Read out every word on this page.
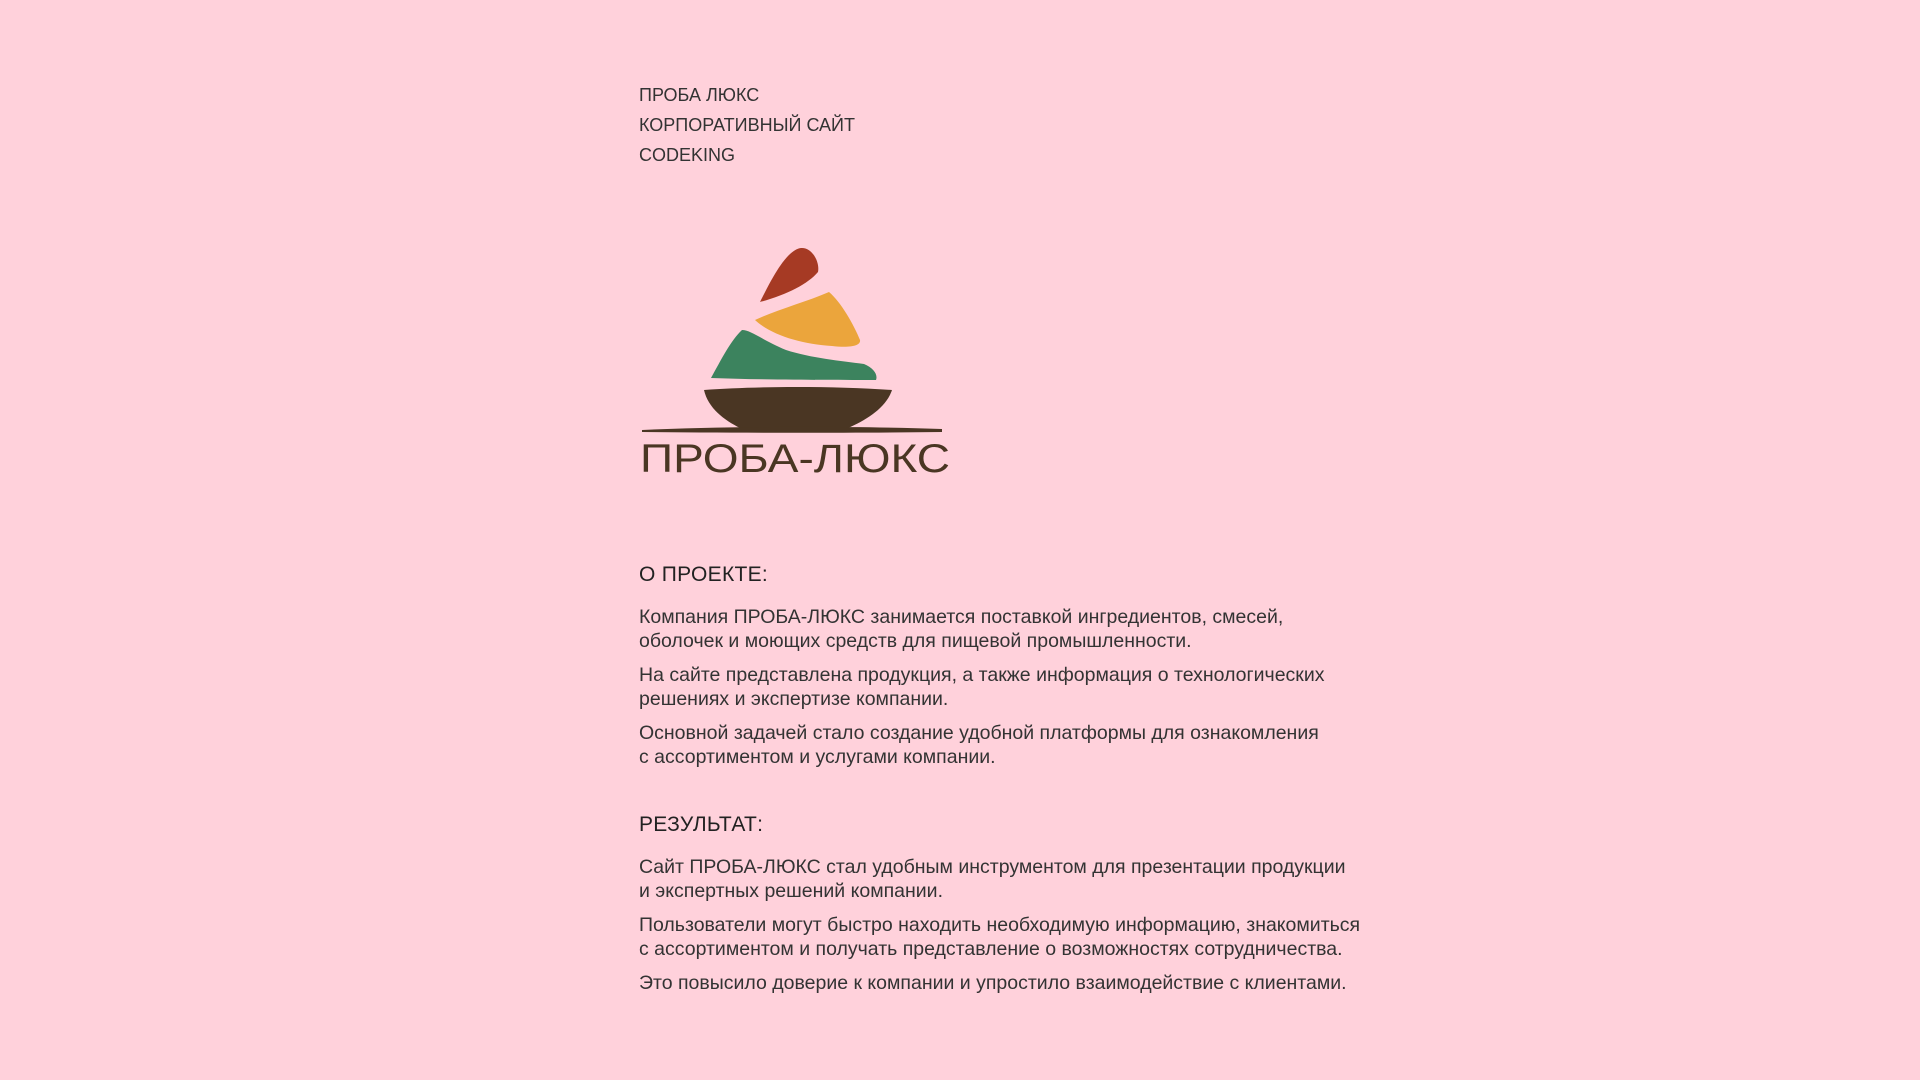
ПРОБА ЛЮКС
КОРПОРАТИВНЫЙ САЙТ
CODEKING
ПРОБА-ЛЮКС
О ПРОЕКТЕ:

Компания ПРОБА-ЛЮКС занимается поставкой ингредиентов, смесей,
оболочек и моющих средств для пищевой промышленности.

На сайте представлена продукция, а также информация о технологических
решениях и экспертизе компании.

Основной задачей стало создание удобной платформы для ознакомления
с ассортиментом и услугами компании.

РЕЗУЛЬТАТ:

Сайт ПРОБА-ЛЮКС стал удобным инструментом для презентации продукции
и экспертных решений компании.

Пользователи могут быстро находить необходимую информацию, знакомиться
с ассортиментом и получать представление о возможностях сотрудничества.

Это повысило доверие к компании и упростило взаимодействие с клиентами.
